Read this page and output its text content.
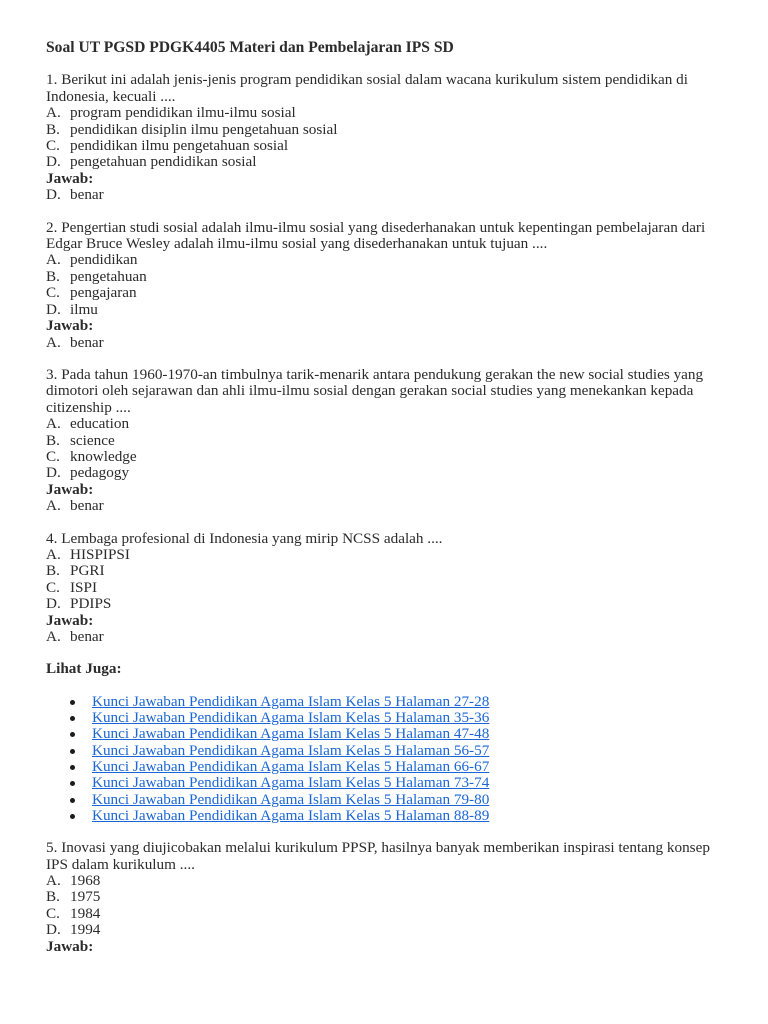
Soal UT PGSD PDGK4405 Materi dan Pembelajaran IPS SD

1. Berikut ini adalah jenis-jenis program pendidikan sosial dalam wacana kurikulum sistem pendidikan di Indonesia, kecuali ....

A. program pendidikan ilmu-ilmu sosial

B. pendidikan disiplin ilmu pengetahuan sosial

C. pendidikan ilmu pengetahuan sosial

D. pengetahuan pendidikan sosial

Jawab:

D. benar

2. Pengertian studi sosial adalah ilmu-ilmu sosial yang disederhanakan untuk kepentingan pembelajaran dari Edgar Bruce Wesley adalah ilmu-ilmu sosial yang disederhanakan untuk tujuan ....

A. pendidikan

B. pengetahuan

C. pengajaran

D. ilmu

Jawab:

A. benar

3. Pada tahun 1960-1970-an timbulnya tarik-menarik antara pendukung gerakan the new social studies yang dimotori oleh sejarawan dan ahli ilmu-ilmu sosial dengan gerakan social studies yang menekankan kepada citizenship ....

A. education

B. science

C. knowledge

D. pedagogy

Jawab:

A. benar

4. Lembaga profesional di Indonesia yang mirip NCSS adalah ....

A. HISPIPSI

B. PGRI

C. ISPI

D. PDIPS

Jawab:

A. benar

Lihat Juga:

Kunci Jawaban Pendidikan Agama Islam Kelas 5 Halaman 27-28
Kunci Jawaban Pendidikan Agama Islam Kelas 5 Halaman 35-36
Kunci Jawaban Pendidikan Agama Islam Kelas 5 Halaman 47-48
Kunci Jawaban Pendidikan Agama Islam Kelas 5 Halaman 56-57
Kunci Jawaban Pendidikan Agama Islam Kelas 5 Halaman 66-67
Kunci Jawaban Pendidikan Agama Islam Kelas 5 Halaman 73-74
Kunci Jawaban Pendidikan Agama Islam Kelas 5 Halaman 79-80
Kunci Jawaban Pendidikan Agama Islam Kelas 5 Halaman 88-89

5. Inovasi yang diujicobakan melalui kurikulum PPSP, hasilnya banyak memberikan inspirasi tentang konsep IPS dalam kurikulum ....

A. 1968

B. 1975

C. 1984

D. 1994

Jawab:
